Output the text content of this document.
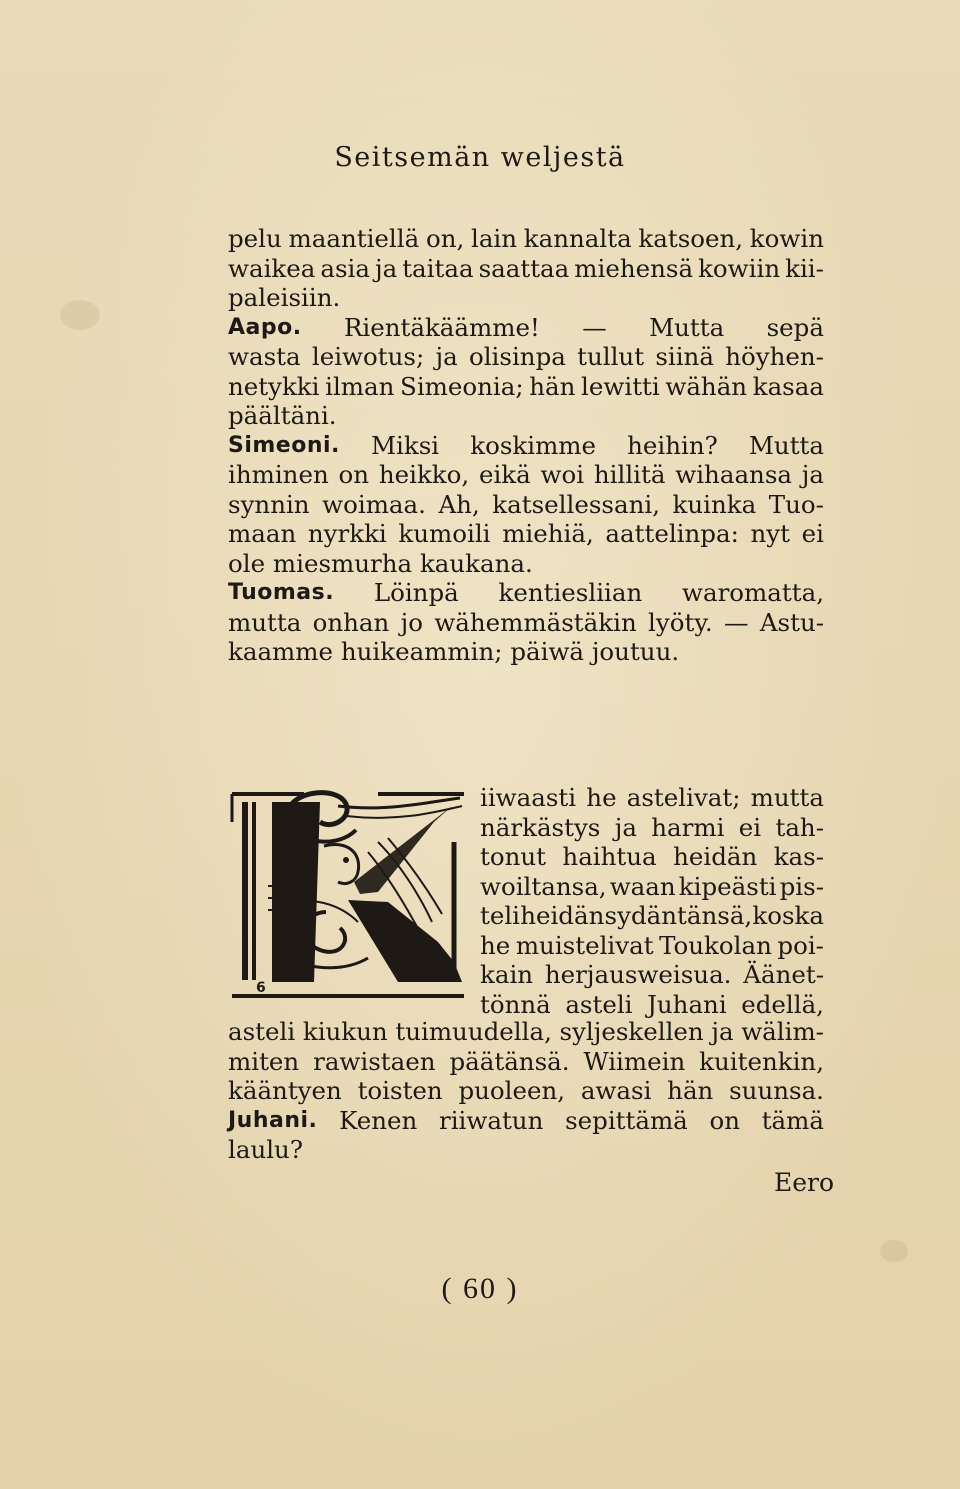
Seitsemän weljestä
pelu maantiellä on, lain kannalta katsoen, kowin
waikea asia ja taitaa saattaa miehensä kowiin kii-
paleisiin.
Aapo. Rientäkäämme! — Mutta sepä
wasta leiwotus; ja olisinpa tullut siinä höyhen-
netykki ilman Simeonia; hän lewitti wähän kasaa
päältäni.
Simeoni. Miksi koskimme heihin? Mutta
ihminen on heikko, eikä woi hillitä wihaansa ja
synnin woimaa. Ah, katsellessani, kuinka Tuo-
maan nyrkki kumoili miehiä, aattelinpa: nyt ei
ole miesmurha kaukana.
Tuomas. Löinpä kentiesliian waromatta,
mutta onhan jo wähemmästäkin lyöty. — Astu-
kaamme huikeammin; päiwä joutuu.
6
iiwaasti he astelivat; mutta
närkästys ja harmi ei tah-
tonut haihtua heidän kas-
woiltansa, waan kipeästi pis-
teli heidän sydäntänsä, koska
he muistelivat Toukolan poi-
kain herjausweisua. Äänet-
tönnä asteli Juhani edellä,
asteli kiukun tuimuudella, syljeskellen ja wälim-
miten rawistaen päätänsä. Wiimein kuitenkin,
kääntyen toisten puoleen, awasi hän suunsa.
Juhani. Kenen riiwatun sepittämä on tämä
laulu?
Eero
( 60 )
